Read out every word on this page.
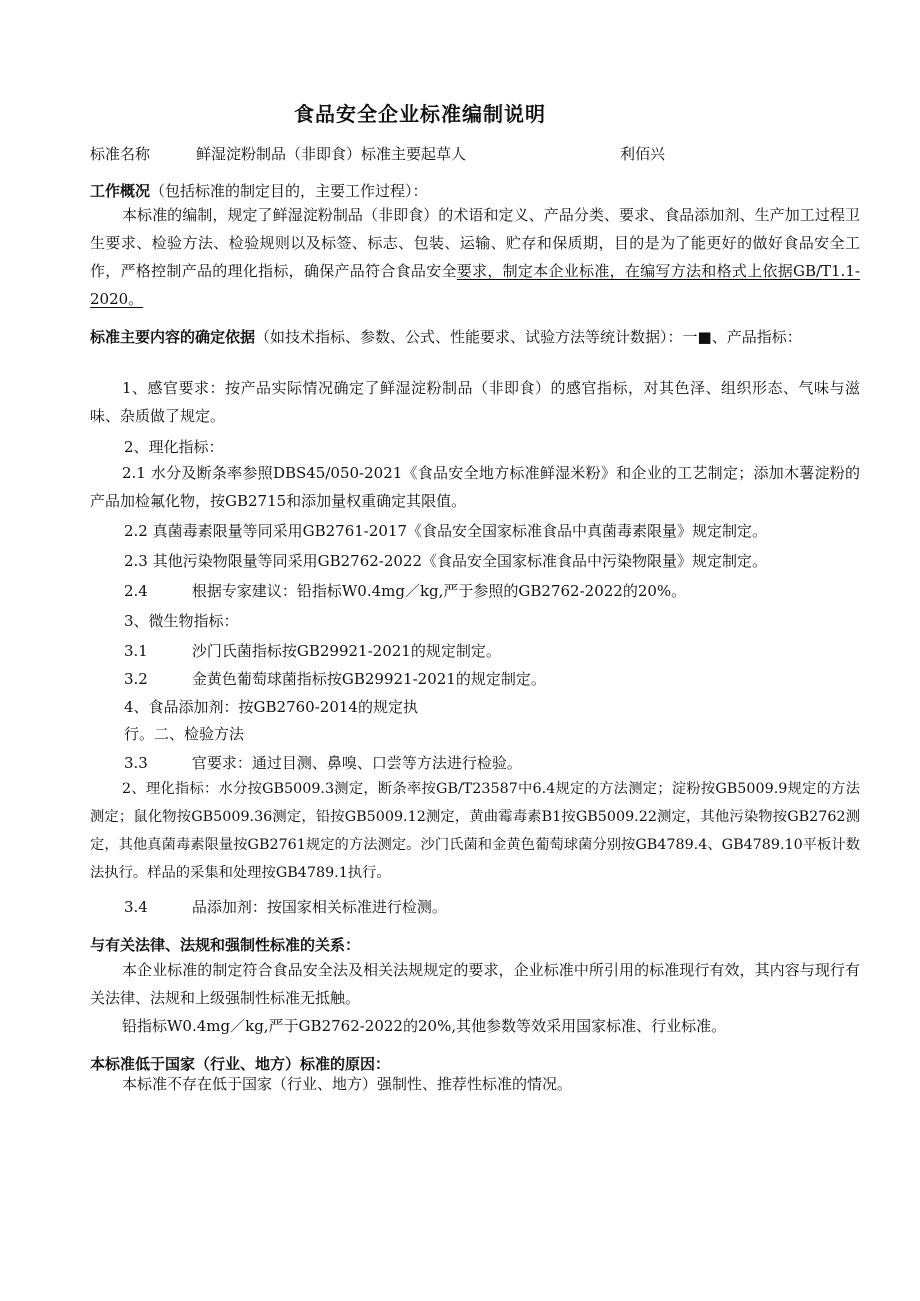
食品安全企业标准编制说明
标准名称	鲜湿淀粉制品（非即食）标准主要起草人	利佰兴
工作概况（包括标准的制定目的，主要工作过程）：
本标准的编制，规定了鲜湿淀粉制品（非即食）的术语和定义、产品分类、要求、食品添加剂、生产加工过程卫生要求、检验方法、检验规则以及标签、标志、包装、运输、贮存和保质期，目的是为了能更好的做好食品安全工作，严格控制产品的理化指标，确保产品符合食品安全要求，制定本企业标准，在编写方法和格式上依据GB/T1.1-2020。
标准主要内容的确定依据（如技术指标、参数、公式、性能要求、试验方法等统计数据）：一■、产品指标：
1、感官要求：按产品实际情况确定了鲜湿淀粉制品（非即食）的感官指标，对其色泽、组织形态、气味与滋味、杂质做了规定。
2、理化指标：
2.1 水分及断条率参照DBS45/050-2021《食品安全地方标准鲜湿米粉》和企业的工艺制定；添加木薯淀粉的产品加检氟化物，按GB2715和添加量权重确定其限值。
2.2 真菌毒素限量等同采用GB2761-2017《食品安全国家标准食品中真菌毒素限量》规定制定。
2.3 其他污染物限量等同采用GB2762-2022《食品安全国家标准食品中污染物限量》规定制定。
2.4	根据专家建议：铅指标W0.4mg／kg,严于参照的GB2762-2022的20%。
3、微生物指标：
3.1	沙门氏菌指标按GB29921-2021的规定制定。
3.2	金黄色葡萄球菌指标按GB29921-2021的规定制定。
4、食品添加剂：按GB2760-2014的规定执
行。二、检验方法
3.3	官要求：通过目测、鼻嗅、口尝等方法进行检验。
2、理化指标：水分按GB5009.3测定，断条率按GB/T23587中6.4规定的方法测定；淀粉按GB5009.9规定的方法测定；鼠化物按GB5009.36测定，铅按GB5009.12测定，黄曲霉毒素B1按GB5009.22测定，其他污染物按GB2762测定，其他真菌毒素限量按GB2761规定的方法测定。沙门氏菌和金黄色葡萄球菌分别按GB4789.4、GB4789.10平板计数法执行。样品的采集和处理按GB4789.1执行。
3.4	品添加剂：按国家相关标准进行检测。
与有关法律、法规和强制性标准的关系：
本企业标准的制定符合食品安全法及相关法规规定的要求，企业标准中所引用的标准现行有效，其内容与现行有关法律、法规和上级强制性标准无抵触。
铅指标W0.4mg／kg,严于GB2762-2022的20%,其他参数等效采用国家标准、行业标准。
本标准低于国家（行业、地方）标准的原因：
本标准不存在低于国家（行业、地方）强制性、推荐性标准的情况。
